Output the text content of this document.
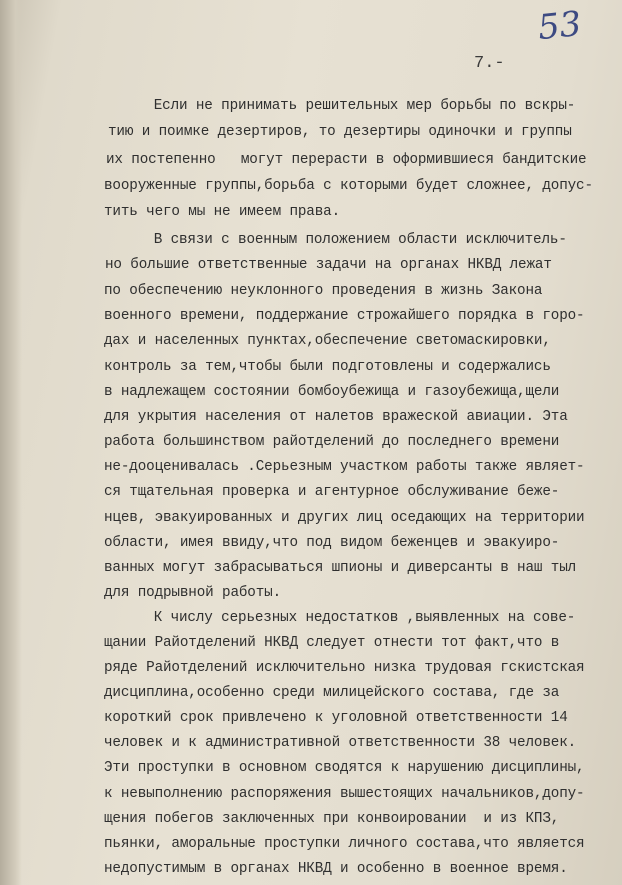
53
7.-
Если не принимать решительных мер борьбы по вскры-
тию и поимке дезертиров, то дезертиры одиночки и группы
их постепенно   могут перерасти в оформившиеся бандитские
вооруженные группы,борьба с которыми будет сложнее, допус-
тить чего мы не имеем права.
В связи с военным положением области исключитель-
но большие ответственные задачи на органах НКВД лежат
по обеспечению неуклонного проведения в жизнь Закона
военного времени, поддержание строжайшего порядка в горо-
дах и населенных пунктах,обеспечение светомаскировки,
контроль за тем,чтобы были подготовлены и содержались
в надлежащем состоянии бомбоубежища и газоубежища,щели
для укрытия населения от налетов вражеской авиации. Эта
работа большинством райотделений до последнего времени
не-дооценивалась .Серьезным участком работы также являет-
ся тщательная проверка и агентурное обслуживание беже-
нцев, эвакуированных и других лиц оседающих на территории
области, имея ввиду,что под видом беженцев и эвакуиро-
ванных могут забрасываться шпионы и диверсанты в наш тыл
для подрывной работы.
К числу серьезных недостатков ,выявленных на сове-
щании Райотделений НКВД следует отнести тот факт,что в
ряде Райотделений исключительно низка трудовая гскистская
дисциплина,особенно среди милицейского состава, где за
короткий срок привлечено к уголовной ответственности 14
человек и к административной ответственности 38 человек.
Эти проступки в основном сводятся к нарушению дисциплины,
к невыполнению распоряжения вышестоящих начальников,допу-
щения побегов заключенных при конвоировании  и из КПЗ,
пьянки, аморальные проступки личного состава,что является
недопустимым в органах НКВД и особенно в военное время.
